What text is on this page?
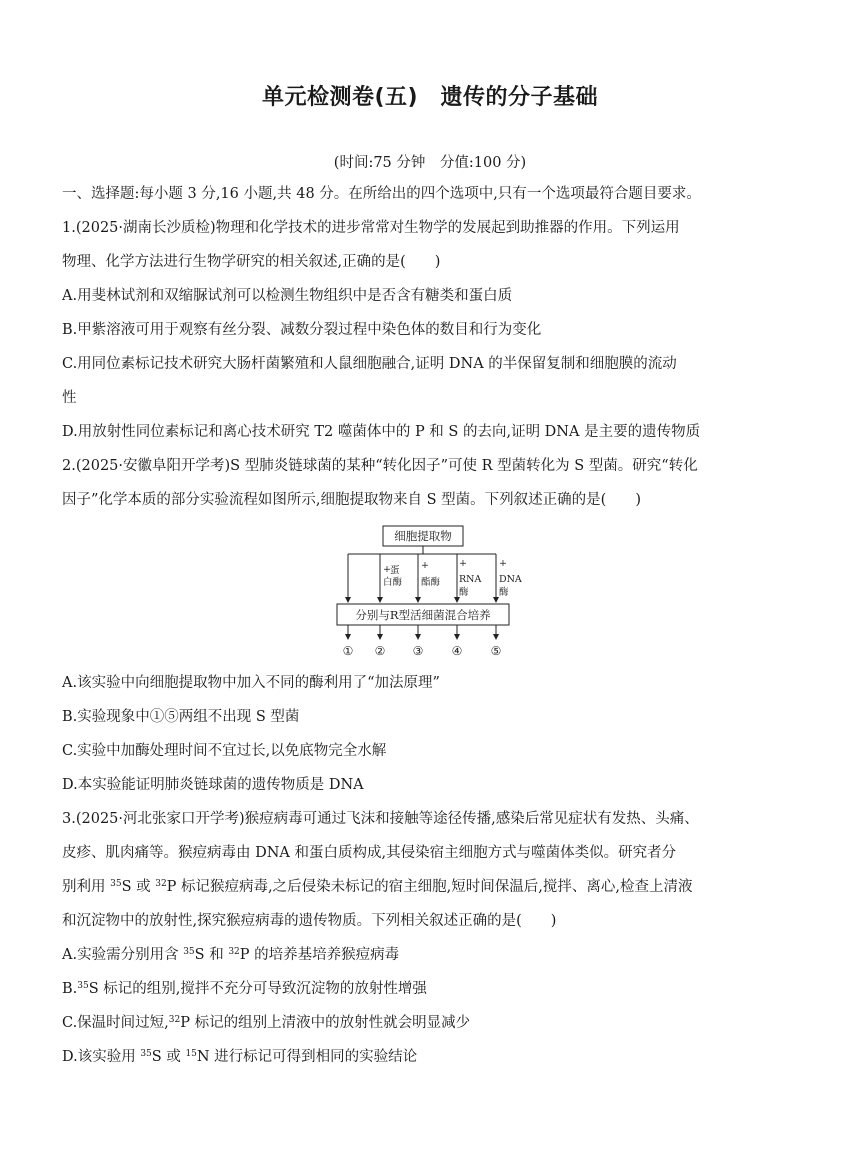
单元检测卷(五)　遗传的分子基础
(时间:75 分钟　分值:100 分)
一、选择题:每小题 3 分,16 小题,共 48 分。在所给出的四个选项中,只有一个选项最符合题目要求。
1.(2025·湖南长沙质检)物理和化学技术的进步常常对生物学的发展起到助推器的作用。下列运用
物理、化学方法进行生物学研究的相关叙述,正确的是(　　)
A.用斐林试剂和双缩脲试剂可以检测生物组织中是否含有糖类和蛋白质
B.甲紫溶液可用于观察有丝分裂、减数分裂过程中染色体的数目和行为变化
C.用同位素标记技术研究大肠杆菌繁殖和人鼠细胞融合,证明 DNA 的半保留复制和细胞膜的流动
性
D.用放射性同位素标记和离心技术研究 T2 噬菌体中的 P 和 S 的去向,证明 DNA 是主要的遗传物质
2.(2025·安徽阜阳开学考)S 型肺炎链球菌的某种“转化因子”可使 R 型菌转化为 S 型菌。研究“转化
因子”化学本质的部分实验流程如图所示,细胞提取物来自 S 型菌。下列叙述正确的是(　　)
细胞提取物
+ 蛋
白酶
+
酯酶
+
RNA
酶
+
DNA
酶
分别与R型活细菌混合培养
① ② ③ ④ ⑤
A.该实验中向细胞提取物中加入不同的酶利用了“加法原理”
B.实验现象中①⑤两组不出现 S 型菌
C.实验中加酶处理时间不宜过长,以免底物完全水解
D.本实验能证明肺炎链球菌的遗传物质是 DNA
3.(2025·河北张家口开学考)猴痘病毒可通过飞沫和接触等途径传播,感染后常见症状有发热、头痛、
皮疹、肌肉痛等。猴痘病毒由 DNA 和蛋白质构成,其侵染宿主细胞方式与噬菌体类似。研究者分
别利用 $^{35}$S 或 $^{32}$P 标记猴痘病毒,之后侵染未标记的宿主细胞,短时间保温后,搅拌、离心,检查上清液
和沉淀物中的放射性,探究猴痘病毒的遗传物质。下列相关叙述正确的是(　　)
A.实验需分别用含 $^{35}$S 和 $^{32}$P 的培养基培养猴痘病毒
B.$^{35}$S 标记的组别,搅拌不充分可导致沉淀物的放射性增强
C.保温时间过短,$^{32}$P 标记的组别上清液中的放射性就会明显减少
D.该实验用 $^{35}$S 或 $^{15}$N 进行标记可得到相同的实验结论
